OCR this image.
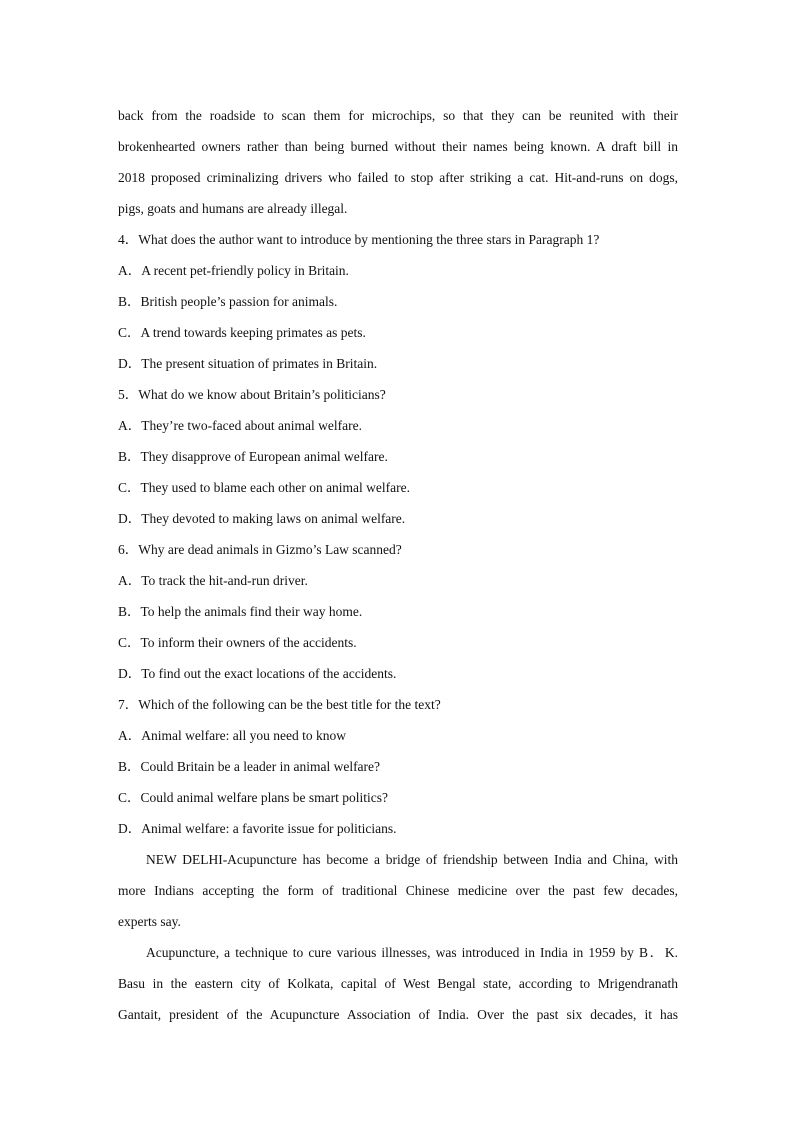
back from the roadside to scan them for microchips, so that they can be reunited with their
brokenhearted owners rather than being burned without their names being known. A draft bill in
2018 proposed criminalizing drivers who failed to stop after striking a cat. Hit-and-runs on dogs,
pigs, goats and humans are already illegal.
4．What does the author want to introduce by mentioning the three stars in Paragraph 1?
A．A recent pet-friendly policy in Britain.
B．British people’s passion for animals.
C．A trend towards keeping primates as pets.
D．The present situation of primates in Britain.
5．What do we know about Britain’s politicians?
A．They’re two-faced about animal welfare.
B．They disapprove of European animal welfare.
C．They used to blame each other on animal welfare.
D．They devoted to making laws on animal welfare.
6．Why are dead animals in Gizmo’s Law scanned?
A．To track the hit-and-run driver.
B．To help the animals find their way home.
C．To inform their owners of the accidents.
D．To find out the exact locations of the accidents.
7．Which of the following can be the best title for the text?
A．Animal welfare: all you need to know
B．Could Britain be a leader in animal welfare?
C．Could animal welfare plans be smart politics?
D．Animal welfare: a favorite issue for politicians.
NEW DELHI-Acupuncture has become a bridge of friendship between India and China, with
more Indians accepting the form of traditional Chinese medicine over the past few decades,
experts say.
Acupuncture, a technique to cure various illnesses, was introduced in India in 1959 by B．K.
Basu in the eastern city of Kolkata, capital of West Bengal state, according to Mrigendranath
Gantait, president of the Acupuncture Association of India. Over the past six decades, it has
